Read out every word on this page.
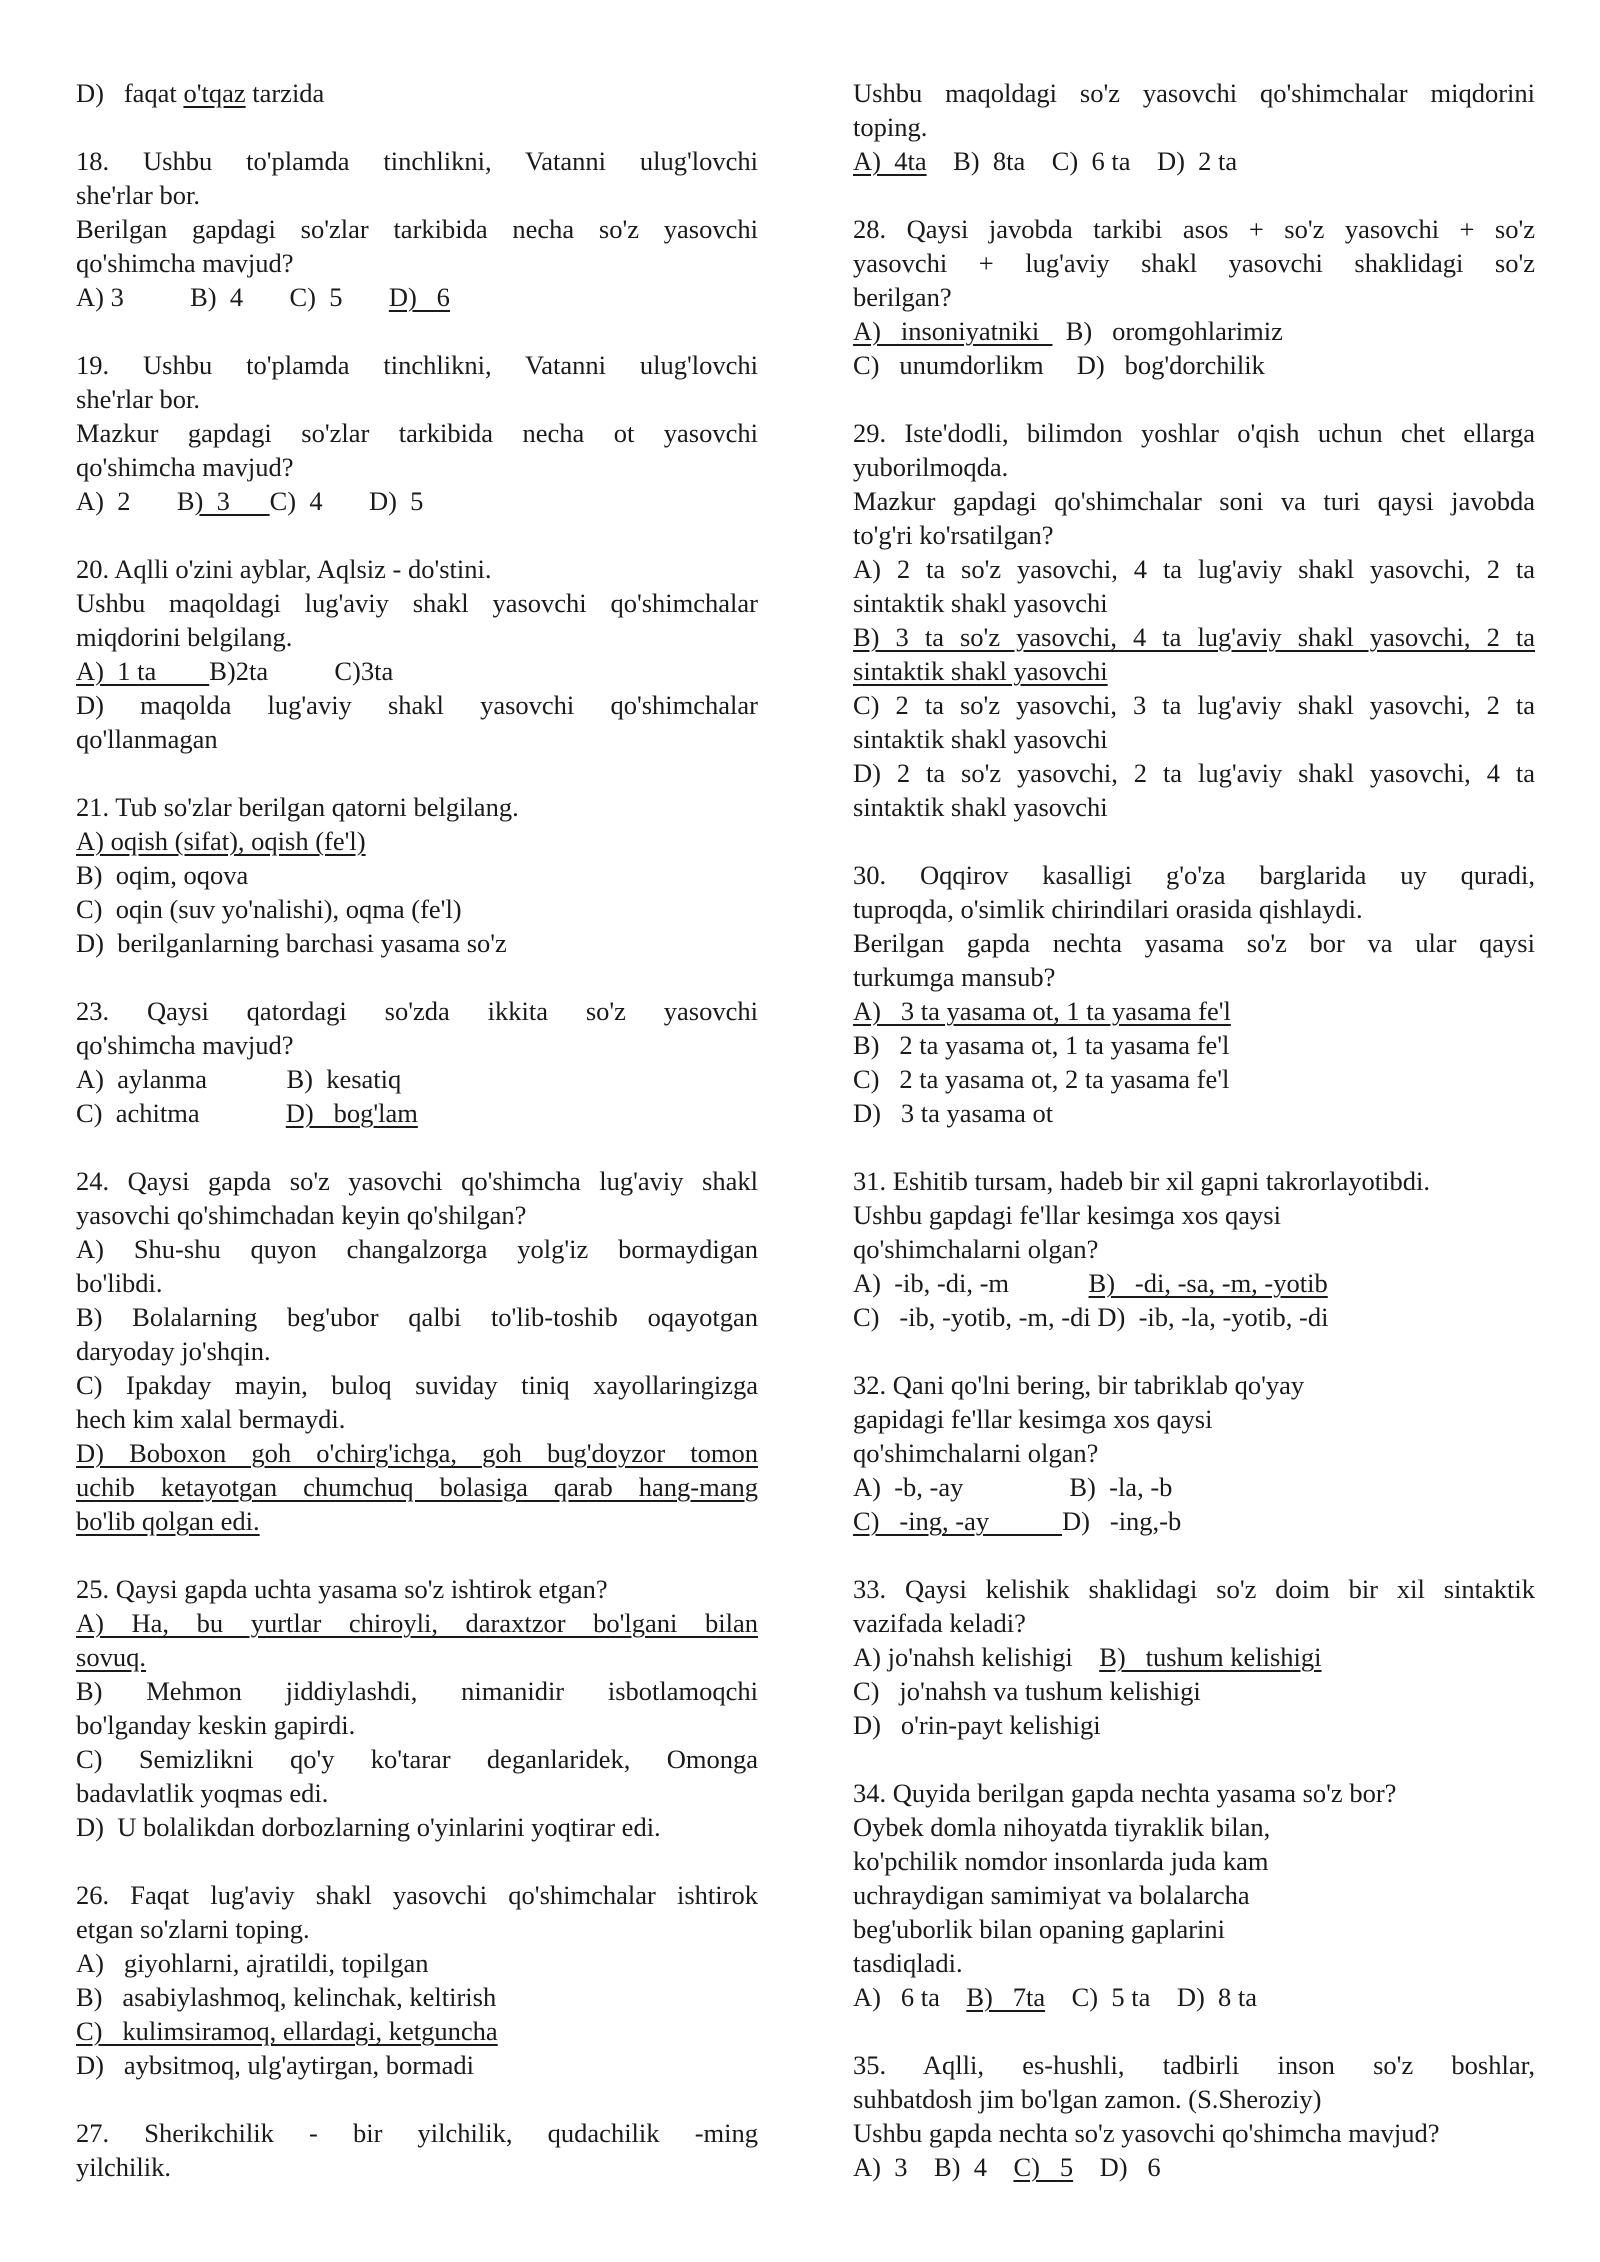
D)   faqat o'tqaz tarzida
18. Ushbu to'plamda tinchlikni, Vatanni ulug'lovchi
she'rlar bor.
Berilgan gapdagi so'zlar tarkibida necha so'z yasovchi
qo'shimcha mavjud?
A) 3          B)  4       C)  5       D)   6
19. Ushbu to'plamda tinchlikni, Vatanni ulug'lovchi
she'rlar bor.
Mazkur gapdagi so'zlar tarkibida necha ot yasovchi
qo'shimcha mavjud?
A)  2       B)  3      C)  4       D)  5
20. Aqlli o'zini ayblar, Aqlsiz - do'stini.
Ushbu maqoldagi lug'aviy shakl yasovchi qo'shimchalar
miqdorini belgilang.
A)  1 ta        B)2ta          C)3ta
D) maqolda lug'aviy shakl yasovchi qo'shimchalar
qo'llanmagan
21. Tub so'zlar berilgan qatorni belgilang.
A) oqish (sifat), oqish (fe'l)
B)  oqim, oqova
C)  oqin (suv yo'nalishi), oqma (fe'l)
D)  berilganlarning barchasi yasama so'z
23. Qaysi qatordagi so'zda ikkita so'z yasovchi
qo'shimcha mavjud?
A)  aylanma            B)  kesatiq
C)  achitma             D)   bog'lam
24. Qaysi gapda so'z yasovchi qo'shimcha lug'aviy shakl
yasovchi qo'shimchadan keyin qo'shilgan?
A) Shu-shu quyon changalzorga yolg'iz bormaydigan
bo'libdi.
B) Bolalarning beg'ubor qalbi to'lib-toshib oqayotgan
daryoday jo'shqin.
C) Ipakday mayin, buloq suviday tiniq xayollaringizga
hech kim xalal bermaydi.
D) Boboxon goh o'chirg'ichga, goh bug'doyzor tomon
uchib ketayotgan chumchuq bolasiga qarab hang-mang
bo'lib qolgan edi.
25. Qaysi gapda uchta yasama so'z ishtirok etgan?
A) Ha, bu yurtlar chiroyli, daraxtzor bo'lgani bilan
sovuq.
B) Mehmon jiddiylashdi, nimanidir isbotlamoqchi
bo'lganday keskin gapirdi.
C) Semizlikni qo'y ko'tarar deganlaridek, Omonga
badavlatlik yoqmas edi.
D)  U bolalikdan dorbozlarning o'yinlarini yoqtirar edi.
26. Faqat lug'aviy shakl yasovchi qo'shimchalar ishtirok
etgan so'zlarni toping.
A)   giyohlarni, ajratildi, topilgan
B)   asabiylashmoq, kelinchak, keltirish
C)   kulimsiramoq, ellardagi, ketguncha
D)   aybsitmoq, ulg'aytirgan, bormadi
27. Sherikchilik - bir yilchilik, qudachilik -ming
yilchilik.
Ushbu maqoldagi so'z yasovchi qo'shimchalar miqdorini
toping.
A)  4ta    B)  8ta    C)  6 ta    D)  2 ta
28. Qaysi javobda tarkibi asos + so'z yasovchi + so'z
yasovchi + lug'aviy shakl yasovchi shaklidagi so'z
berilgan?
A)   insoniyatniki    B)   oromgohlarimiz
C)   unumdorlikm     D)   bog'dorchilik
29. Iste'dodli, bilimdon yoshlar o'qish uchun chet ellarga
yuborilmoqda.
Mazkur gapdagi qo'shimchalar soni va turi qaysi javobda
to'g'ri ko'rsatilgan?
A) 2 ta so'z yasovchi, 4 ta lug'aviy shakl yasovchi, 2 ta
sintaktik shakl yasovchi
B) 3 ta so'z yasovchi, 4 ta lug'aviy shakl yasovchi, 2 ta
sintaktik shakl yasovchi
C) 2 ta so'z yasovchi, 3 ta lug'aviy shakl yasovchi, 2 ta
sintaktik shakl yasovchi
D) 2 ta so'z yasovchi, 2 ta lug'aviy shakl yasovchi, 4 ta
sintaktik shakl yasovchi
30. Oqqirov kasalligi g'o'za barglarida uy quradi,
tuproqda, o'simlik chirindilari orasida qishlaydi.
Berilgan gapda nechta yasama so'z bor va ular qaysi
turkumga mansub?
A)   3 ta yasama ot, 1 ta yasama fe'l
B)   2 ta yasama ot, 1 ta yasama fe'l
C)   2 ta yasama ot, 2 ta yasama fe'l
D)   3 ta yasama ot
31. Eshitib tursam, hadeb bir xil gapni takrorlayotibdi.
Ushbu gapdagi fe'llar kesimga xos qaysi
qo'shimchalarni olgan?
A)  -ib, -di, -m            B)   -di, -sa, -m, -yotib
C)   -ib, -yotib, -m, -di D)  -ib, -la, -yotib, -di
32. Qani qo'lni bering, bir tabriklab qo'yay
gapidagi fe'llar kesimga xos qaysi
qo'shimchalarni olgan?
A)  -b, -ay                B)  -la, -b
C)   -ing, -ay           D)   -ing,-b
33. Qaysi kelishik shaklidagi so'z doim bir xil sintaktik
vazifada keladi?
A) jo'nahsh kelishigi    B)   tushum kelishigi
C)   jo'nahsh va tushum kelishigi
D)   o'rin-payt kelishigi
34. Quyida berilgan gapda nechta yasama so'z bor?
Oybek domla nihoyatda tiyraklik bilan,
ko'pchilik nomdor insonlarda juda kam
uchraydigan samimiyat va bolalarcha
beg'uborlik bilan opaning gaplarini
tasdiqladi.
A)   6 ta    B)   7ta    C)  5 ta    D)  8 ta
35. Aqlli, es-hushli, tadbirli inson so'z boshlar,
suhbatdosh jim bo'lgan zamon. (S.Sheroziy)
Ushbu gapda nechta so'z yasovchi qo'shimcha mavjud?
A)  3    B)  4    C)   5    D)   6
